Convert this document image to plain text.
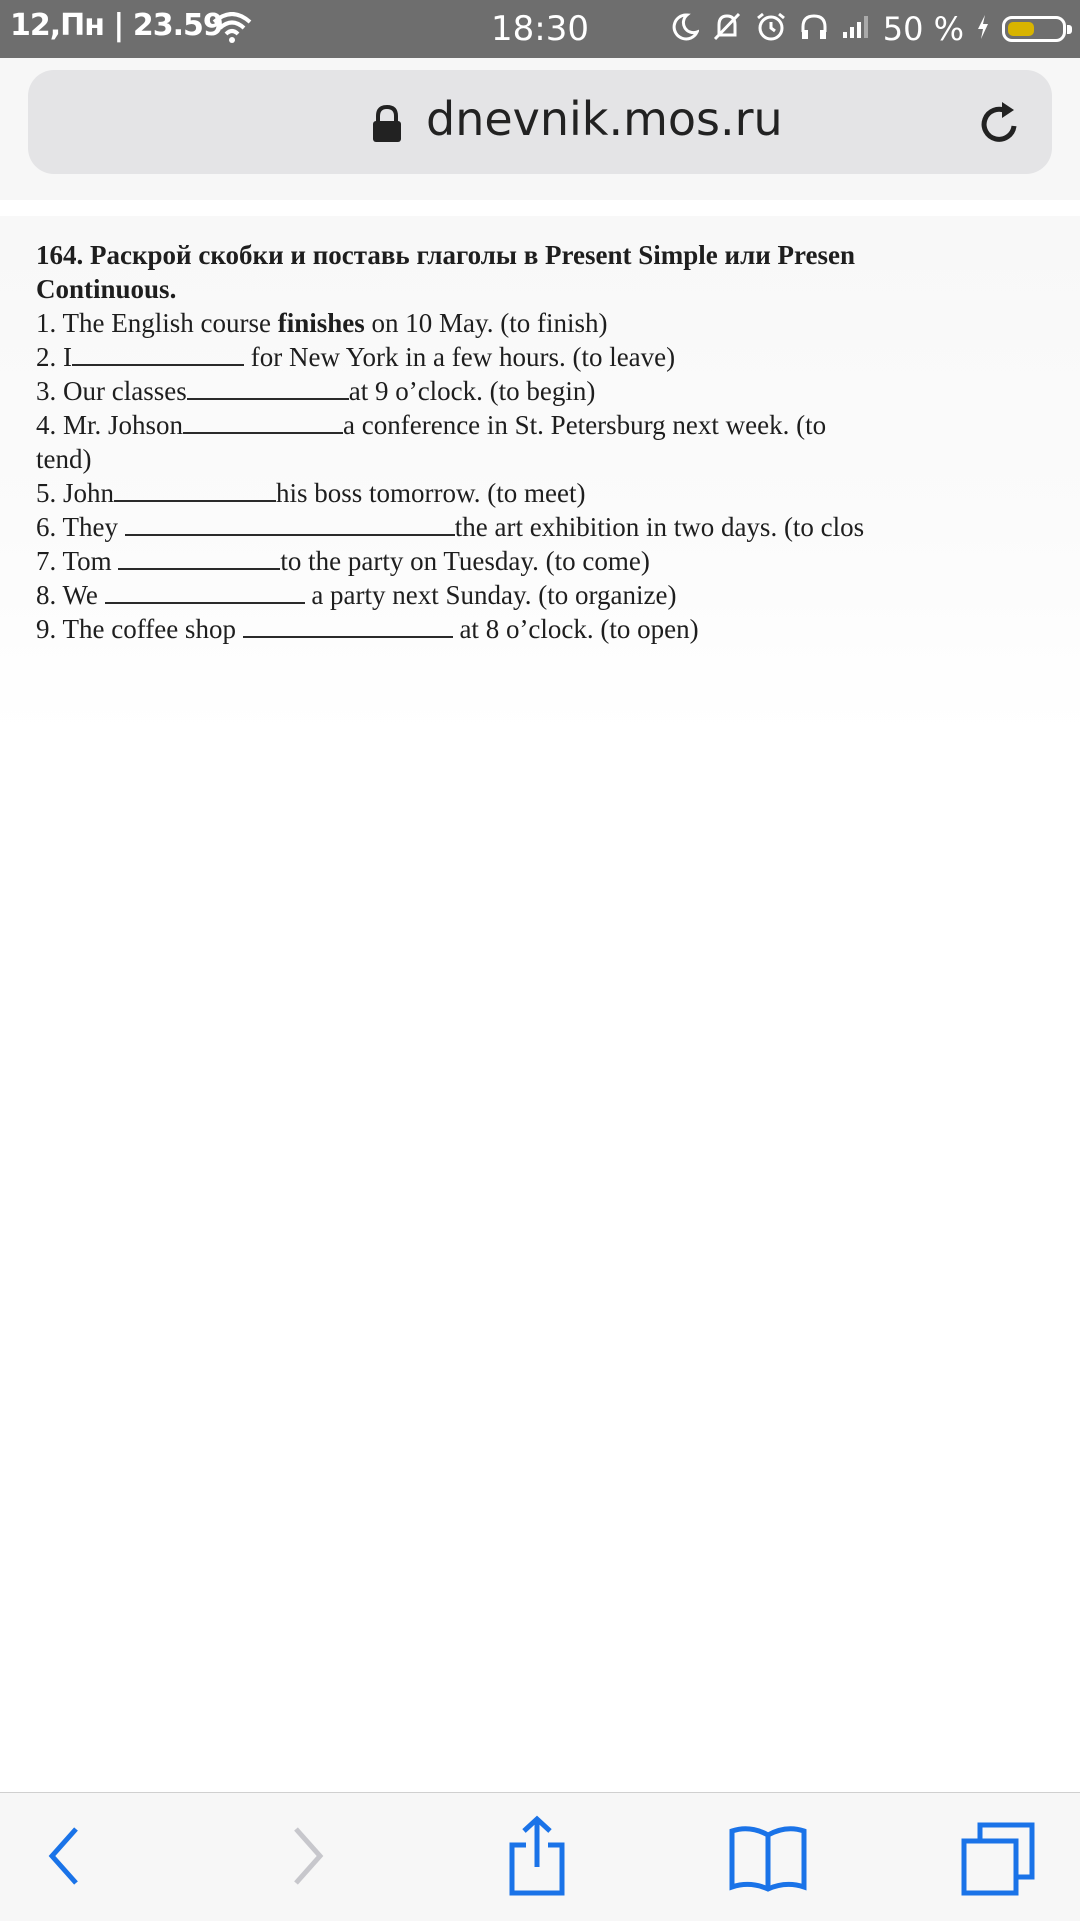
12,Пн | 23.59	18:30	50 %
dnevnik.mos.ru
164. Раскрой скобки и поставь глаголы в Present Simple или Presen
Continuous.
1. The English course finishes on 10 May. (to finish)
2. I	for New York in a few hours. (to leave)
3. Our classes	at 9 o’clock. (to begin)
4. Mr. Johson	a conference in St. Petersburg next week. (to
tend)
5. John	his boss tomorrow. (to meet)
6. They	the art exhibition in two days. (to clos
7. Tom	to the party on Tuesday. (to come)
8. We	a party next Sunday. (to organize)
9. The coffee shop	at 8 o’clock. (to open)
